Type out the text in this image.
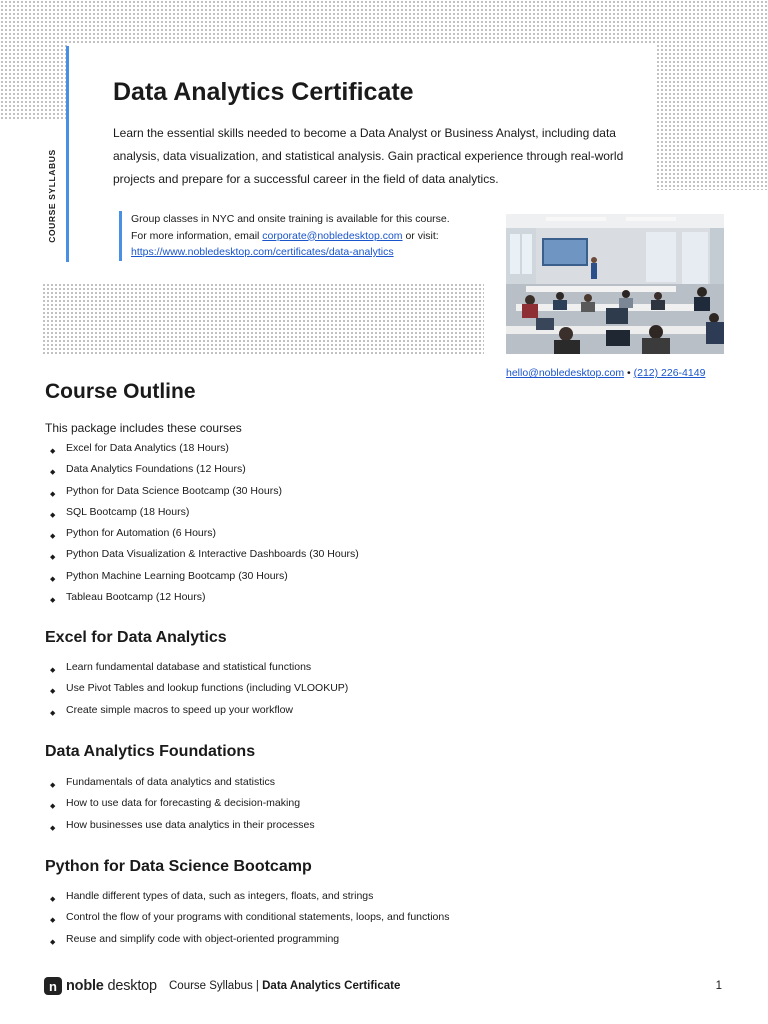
COURSE SYLLABUS
Data Analytics Certificate

Learn the essential skills needed to become a Data Analyst or Business Analyst, including data analysis, data visualization, and statistical analysis. Gain practical experience through real-world projects and prepare for a successful career in the field of data analytics.

Group classes in NYC and onsite training is available for this course.

For more information, email corporate@nobledesktop.com or visit:

https://www.nobledesktop.com/certificates/data-analytics

hello@nobledesktop.com • (212) 226-4149
Course Outline

This package includes these courses

◆ Excel for Data Analytics (18 Hours)
◆ Data Analytics Foundations (12 Hours)
◆ Python for Data Science Bootcamp (30 Hours)
◆ SQL Bootcamp (18 Hours)
◆ Python for Automation (6 Hours)
◆ Python Data Visualization & Interactive Dashboards (30 Hours)
◆ Python Machine Learning Bootcamp (30 Hours)
◆ Tableau Bootcamp (12 Hours)
Excel for Data Analytics
◆ Learn fundamental database and statistical functions
◆ Use Pivot Tables and lookup functions (including VLOOKUP)
◆ Create simple macros to speed up your workflow
Data Analytics Foundations
◆ Fundamentals of data analytics and statistics
◆ How to use data for forecasting & decision-making
◆ How businesses use data analytics in their processes
Python for Data Science Bootcamp
◆ Handle different types of data, such as integers, floats, and strings
◆ Control the flow of your programs with conditional statements, loops, and functions
◆ Reuse and simplify code with object-oriented programming
n noble desktop Course Syllabus | Data Analytics Certificate	1
